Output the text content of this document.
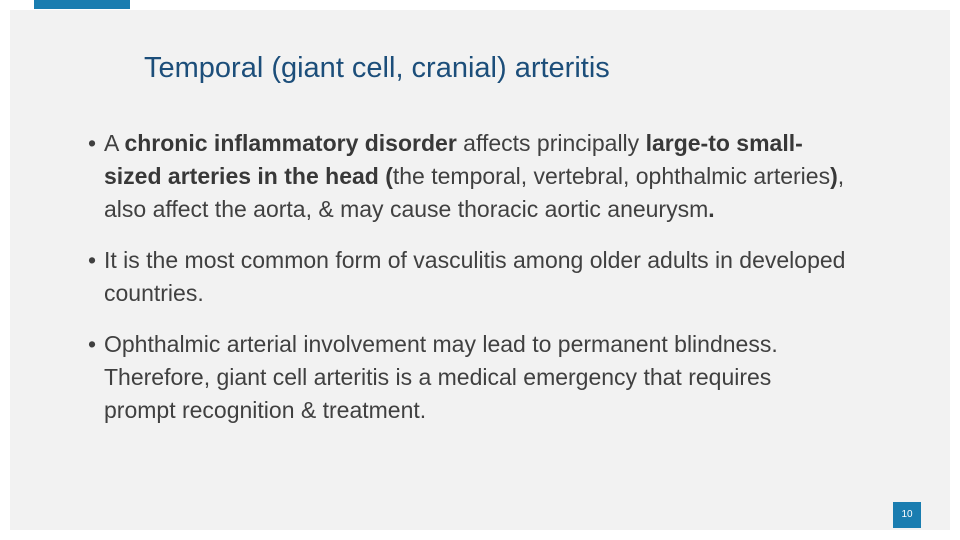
Temporal (giant cell, cranial) arteritis
• A chronic inflammatory disorder affects principally large-to small-sized arteries in the head (the temporal, vertebral, ophthalmic arteries), also affect the aorta, & may cause thoracic aortic aneurysm.
• It is the most common form of vasculitis among older adults in developed countries.
• Ophthalmic arterial involvement may lead to permanent blindness. Therefore, giant cell arteritis is a medical emergency that requires prompt recognition & treatment.
10
